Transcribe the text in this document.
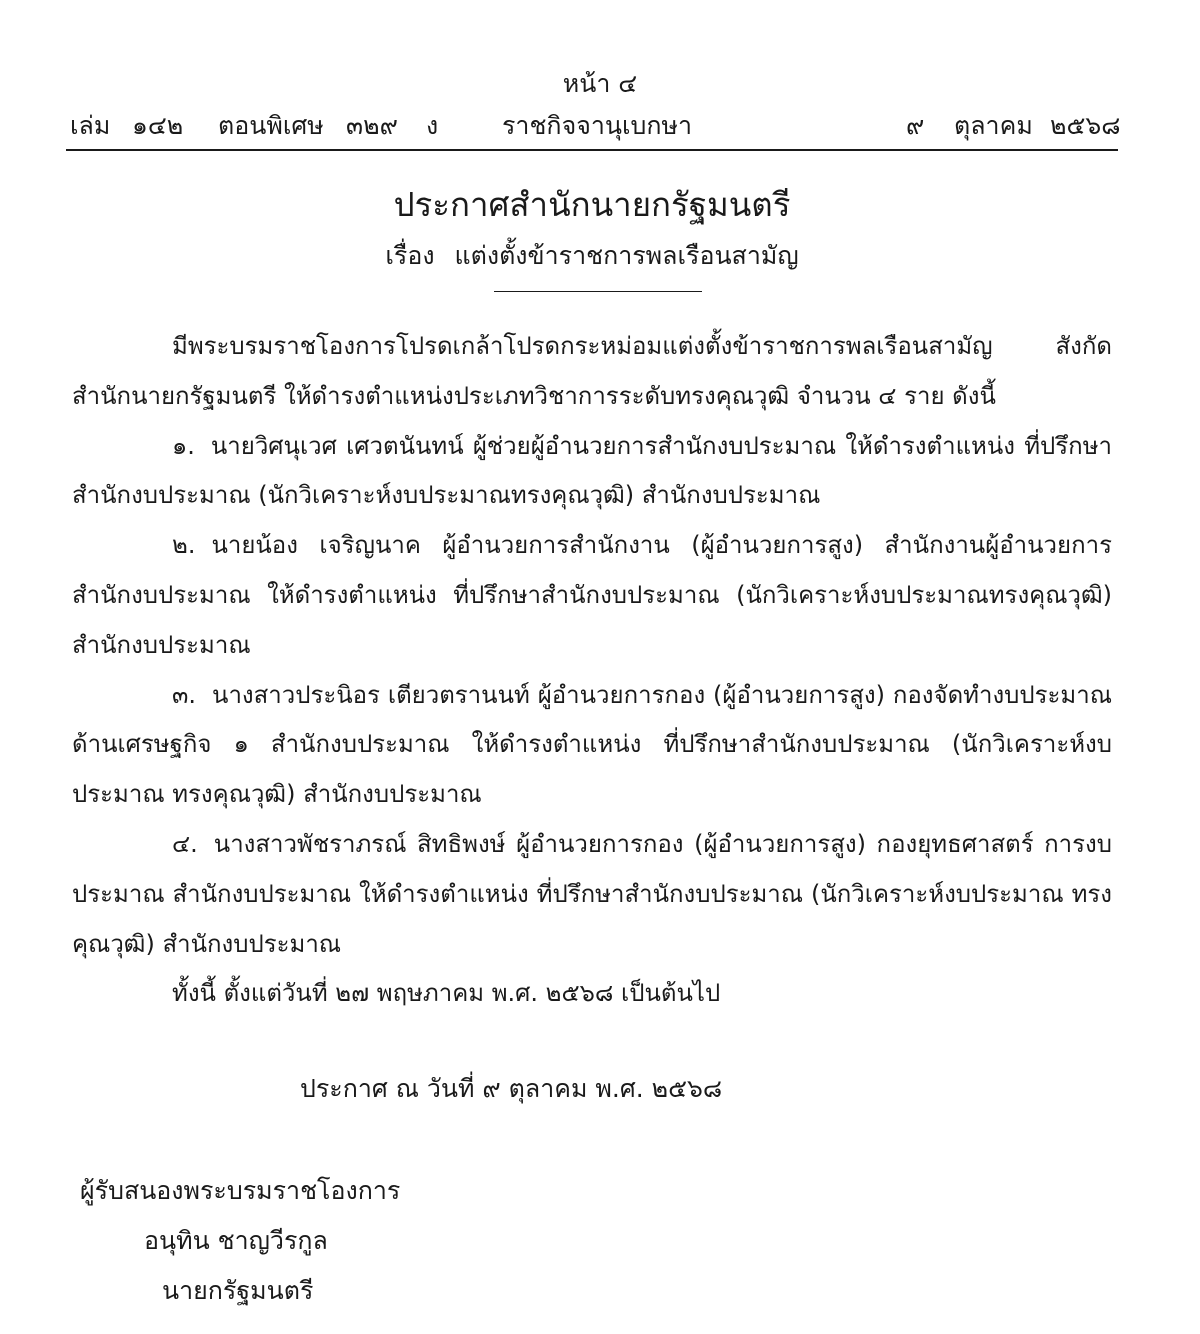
หน้า ๔
เล่ม ๑๔๒ ตอนพิเศษ ๓๒๙ ง	ราชกิจจานุเบกษา	๙ ตุลาคม ๒๕๖๘
ประกาศสำนักนายกรัฐมนตรี
เรื่อง แต่งตั้งข้าราชการพลเรือนสามัญ

มีพระบรมราชโองการโปรดเกล้าโปรดกระหม่อมแต่งตั้งข้าราชการพลเรือนสามัญ สังกัดสำนักนายกรัฐมนตรี ให้ดำรงตำแหน่งประเภทวิชาการระดับทรงคุณวุฒิ จำนวน ๔ ราย ดังนี้

๑. นายวิศนุเวศ เศวตนันทน์ ผู้ช่วยผู้อำนวยการสำนักงบประมาณ ให้ดำรงตำแหน่ง ที่ปรึกษาสำนักงบประมาณ (นักวิเคราะห์งบประมาณทรงคุณวุฒิ) สำนักงบประมาณ

๒. นายน้อง เจริญนาค ผู้อำนวยการสำนักงาน (ผู้อำนวยการสูง) สำนักงานผู้อำนวยการ สำนักงบประมาณ ให้ดำรงตำแหน่ง ที่ปรึกษาสำนักงบประมาณ (นักวิเคราะห์งบประมาณทรงคุณวุฒิ) สำนักงบประมาณ

๓. นางสาวประนิอร เตียวตรานนท์ ผู้อำนวยการกอง (ผู้อำนวยการสูง) กองจัดทำงบประมาณ ด้านเศรษฐกิจ ๑ สำนักงบประมาณ ให้ดำรงตำแหน่ง ที่ปรึกษาสำนักงบประมาณ (นักวิเคราะห์งบประมาณ ทรงคุณวุฒิ) สำนักงบประมาณ

๔. นางสาวพัชราภรณ์ สิทธิพงษ์ ผู้อำนวยการกอง (ผู้อำนวยการสูง) กองยุทธศาสตร์ การงบประมาณ สำนักงบประมาณ ให้ดำรงตำแหน่ง ที่ปรึกษาสำนักงบประมาณ (นักวิเคราะห์งบประมาณ ทรงคุณวุฒิ) สำนักงบประมาณ

ทั้งนี้ ตั้งแต่วันที่ ๒๗ พฤษภาคม พ.ศ. ๒๕๖๘ เป็นต้นไป

ประกาศ ณ วันที่ ๙ ตุลาคม พ.ศ. ๒๕๖๘
ผู้รับสนองพระบรมราชโองการ
อนุทิน ชาญวีรกูล
นายกรัฐมนตรี
